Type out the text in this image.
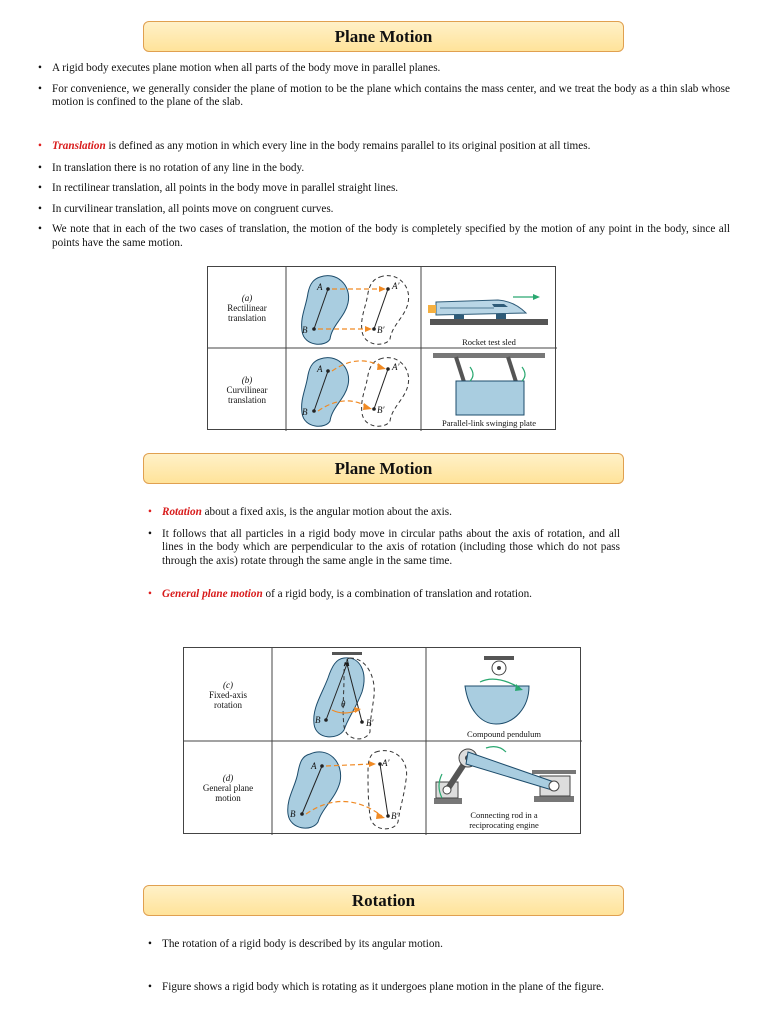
Plane Motion
• A rigid body executes plane motion when all parts of the body move in parallel planes.
• For convenience, we generally consider the plane of motion to be the plane which contains the mass center, and we treat the body as a thin slab whose motion is confined to the plane of the slab.
• Translation is defined as any motion in which every line in the body remains parallel to its original position at all times.
• In translation there is no rotation of any line in the body.
• In rectilinear translation, all points in the body move in parallel straight lines.
• In curvilinear translation, all points move on congruent curves.
• We note that in each of the two cases of translation, the motion of the body is completely specified by the motion of any point in the body, since all points have the same motion.
(a)
Rectilinear translation
(b)
Curvilinear translation
Rocket test sled
Parallel-link swinging plate
A
B
A′
B′
A
B
A′
B′
Plane Motion
• Rotation about a fixed axis, is the angular motion about the axis.
• It follows that all particles in a rigid body move in circular paths about the axis of rotation, and all lines in the body which are perpendicular to the axis of rotation (including those which do not pass through the axis) rotate through the same angle in the same time.
• General plane motion of a rigid body, is a combination of translation and rotation.
(c)
Fixed-axis rotation
(d)
General plane motion
Compound pendulum
Connecting rod in a reciprocating engine
θ
A
B	B′
A
B
A′
B′
Rotation
• The rotation of a rigid body is described by its angular motion.
• Figure shows a rigid body which is rotating as it undergoes plane motion in the plane of the figure.
